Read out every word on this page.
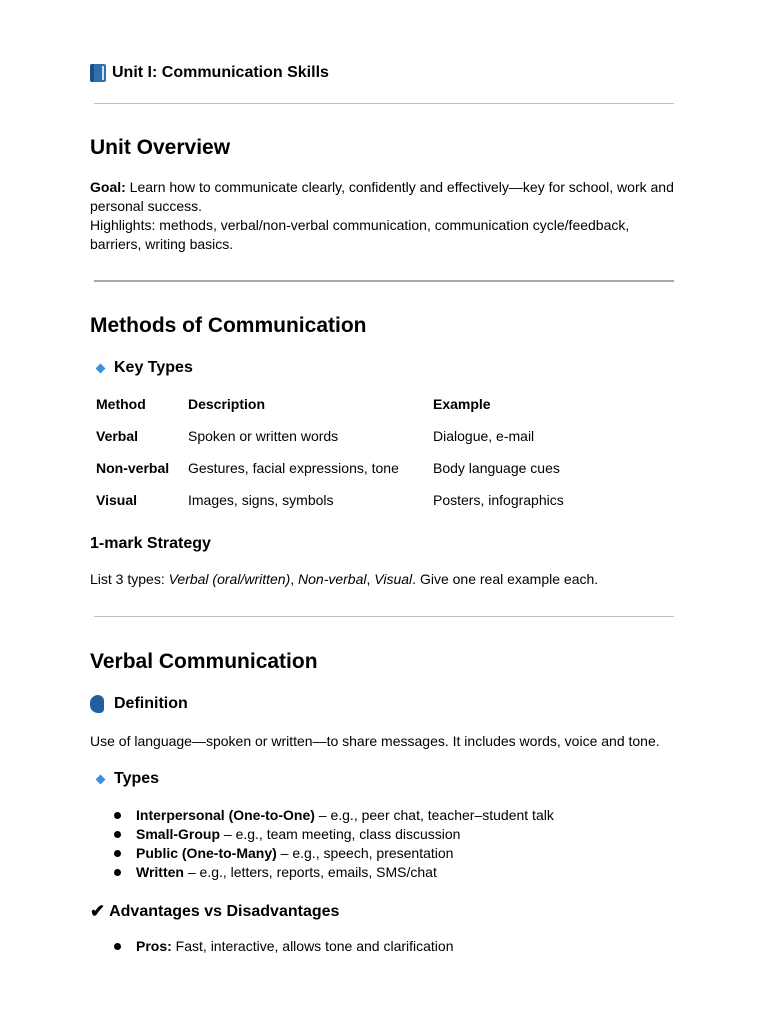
Unit I: Communication Skills
Unit Overview
Goal: Learn how to communicate clearly, confidently and effectively—key for school, work and personal success.
Highlights: methods, verbal/non-verbal communication, communication cycle/feedback, barriers, writing basics.
Methods of Communication
Key Types
Method	Description	Example
Verbal	Spoken or written words	Dialogue, e-mail
Non-verbal	Gestures, facial expressions, tone	Body language cues
Visual	Images, signs, symbols	Posters, infographics
1-mark Strategy
List 3 types: Verbal (oral/written), Non-verbal, Visual. Give one real example each.
Verbal Communication
Definition
Use of language—spoken or written—to share messages. It includes words, voice and tone.
Types
Interpersonal (One-to-One) – e.g., peer chat, teacher–student talk
Small-Group – e.g., team meeting, class discussion
Public (One-to-Many) – e.g., speech, presentation
Written – e.g., letters, reports, emails, SMS/chat
✔ Advantages vs Disadvantages
Pros: Fast, interactive, allows tone and clarification
